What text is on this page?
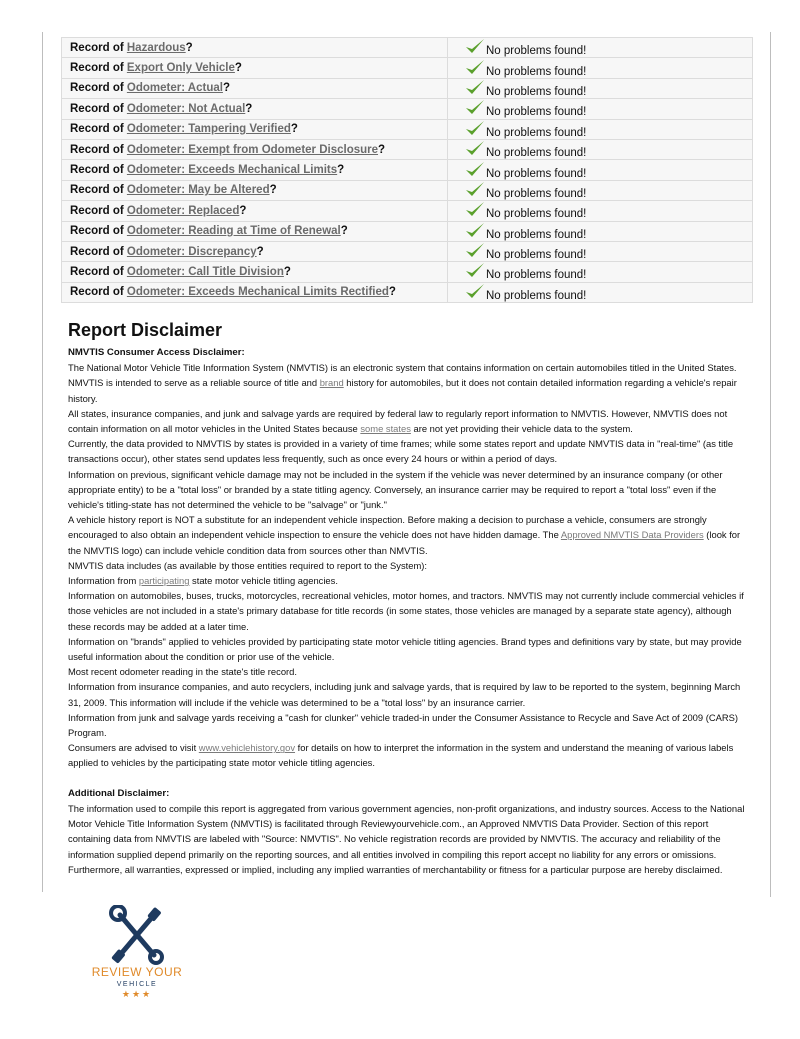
Record of Hazardous?	No problems found!
Record of Export Only Vehicle?	No problems found!
Record of Odometer: Actual?	No problems found!
Record of Odometer: Not Actual?	No problems found!
Record of Odometer: Tampering Verified?	No problems found!
Record of Odometer: Exempt from Odometer Disclosure?	No problems found!
Record of Odometer: Exceeds Mechanical Limits?	No problems found!
Record of Odometer: May be Altered?	No problems found!
Record of Odometer: Replaced?	No problems found!
Record of Odometer: Reading at Time of Renewal?	No problems found!
Record of Odometer: Discrepancy?	No problems found!
Record of Odometer: Call Title Division?	No problems found!
Record of Odometer: Exceeds Mechanical Limits Rectified?	No problems found!
Report Disclaimer
NMVTIS Consumer Access Disclaimer:

The National Motor Vehicle Title Information System (NMVTIS) is an electronic system that contains information on certain automobiles titled in the United States. NMVTIS is intended to serve as a reliable source of title and brand history for automobiles, but it does not contain detailed information regarding a vehicle's repair history.

All states, insurance companies, and junk and salvage yards are required by federal law to regularly report information to NMVTIS. However, NMVTIS does not contain information on all motor vehicles in the United States because some states are not yet providing their vehicle data to the system.

Currently, the data provided to NMVTIS by states is provided in a variety of time frames; while some states report and update NMVTIS data in "real-time" (as title transactions occur), other states send updates less frequently, such as once every 24 hours or within a period of days.

Information on previous, significant vehicle damage may not be included in the system if the vehicle was never determined by an insurance company (or other appropriate entity) to be a "total loss" or branded by a state titling agency. Conversely, an insurance carrier may be required to report a "total loss" even if the vehicle's titling-state has not determined the vehicle to be "salvage" or "junk."

A vehicle history report is NOT a substitute for an independent vehicle inspection. Before making a decision to purchase a vehicle, consumers are strongly encouraged to also obtain an independent vehicle inspection to ensure the vehicle does not have hidden damage. The Approved NMVTIS Data Providers (look for the NMVTIS logo) can include vehicle condition data from sources other than NMVTIS.

NMVTIS data includes (as available by those entities required to report to the System):

Information from participating state motor vehicle titling agencies.

Information on automobiles, buses, trucks, motorcycles, recreational vehicles, motor homes, and tractors. NMVTIS may not currently include commercial vehicles if those vehicles are not included in a state's primary database for title records (in some states, those vehicles are managed by a separate state agency), although these records may be added at a later time.

Information on "brands" applied to vehicles provided by participating state motor vehicle titling agencies. Brand types and definitions vary by state, but may provide useful information about the condition or prior use of the vehicle.

Most recent odometer reading in the state's title record.

Information from insurance companies, and auto recyclers, including junk and salvage yards, that is required by law to be reported to the system, beginning March 31, 2009. This information will include if the vehicle was determined to be a "total loss" by an insurance carrier.

Information from junk and salvage yards receiving a "cash for clunker" vehicle traded-in under the Consumer Assistance to Recycle and Save Act of 2009 (CARS) Program.

Consumers are advised to visit www.vehiclehistory.gov for details on how to interpret the information in the system and understand the meaning of various labels applied to vehicles by the participating state motor vehicle titling agencies.

Additional Disclaimer:

The information used to compile this report is aggregated from various government agencies, non-profit organizations, and industry sources. Access to the National Motor Vehicle Title Information System (NMVTIS) is facilitated through Reviewyourvehicle.com., an Approved NMVTIS Data Provider. Section of this report containing data from NMVTIS are labeled with "Source: NMVTIS". No vehicle registration records are provided by NMVTIS. The accuracy and reliability of the information supplied depend primarily on the reporting sources, and all entities involved in compiling this report accept no liability for any errors or omissions. Furthermore, all warranties, expressed or implied, including any implied warranties of merchantability or fitness for a particular purpose are hereby disclaimed.

REVIEW YOUR
VEHICLE
★★★
